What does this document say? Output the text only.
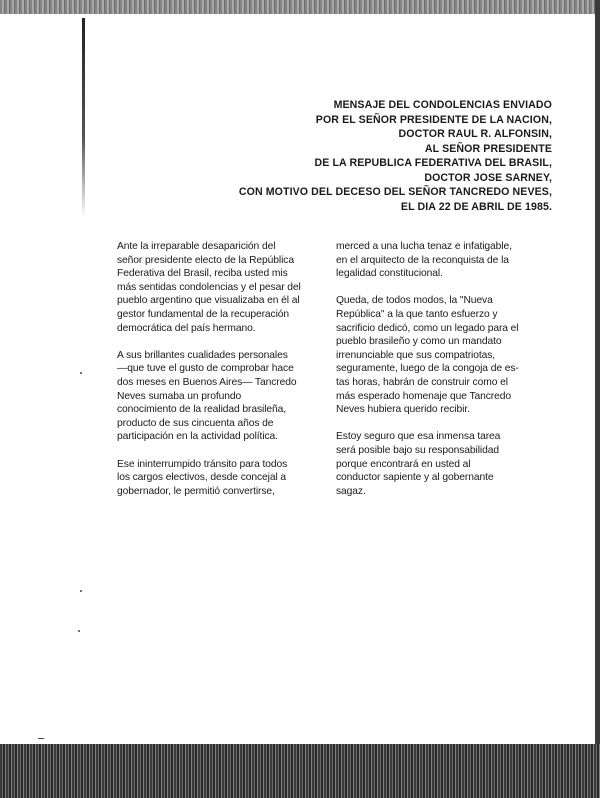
MENSAJE DEL CONDOLENCIAS ENVIADO
POR EL SEÑOR PRESIDENTE DE LA NACION,
DOCTOR RAUL R. ALFONSIN,
AL SEÑOR PRESIDENTE
DE LA REPUBLICA FEDERATIVA DEL BRASIL,
DOCTOR JOSE SARNEY,
CON MOTIVO DEL DECESO DEL SEÑOR TANCREDO NEVES,
EL DIA 22 DE ABRIL DE 1985.

Ante la irreparable desaparición del
señor presidente electo de la República
Federativa del Brasil, reciba usted mis
más sentidas condolencias y el pesar del
pueblo argentino que visualizaba en él al
gestor fundamental de la recuperación
democrática del país hermano.

A sus brillantes cualidades personales
—que tuve el gusto de comprobar hace
dos meses en Buenos Aires— Tancredo
Neves sumaba un profundo
conocimiento de la realidad brasileña,
producto de sus cincuenta años de
participación en la actividad política.

Ese ininterrumpido tránsito para todos
los cargos electivos, desde concejal a
gobernador, le permitió convertirse,

merced a una lucha tenaz e infatigable,
en el arquitecto de la reconquista de la
legalidad constitucional.

Queda, de todos modos, la "Nueva
República" a la que tanto esfuerzo y
sacrificio dedicó, como un legado para el
pueblo brasileño y como un mandato
irrenunciable que sus compatriotas,
seguramente, luego de la congoja de es-
tas horas, habrán de construir como el
más esperado homenaje que Tancredo
Neves hubiera querido recibir.

Estoy seguro que esa inmensa tarea
será posible bajo su responsabilidad
porque encontrará en usted al
conductor sapiente y al gobernante
sagaz.
